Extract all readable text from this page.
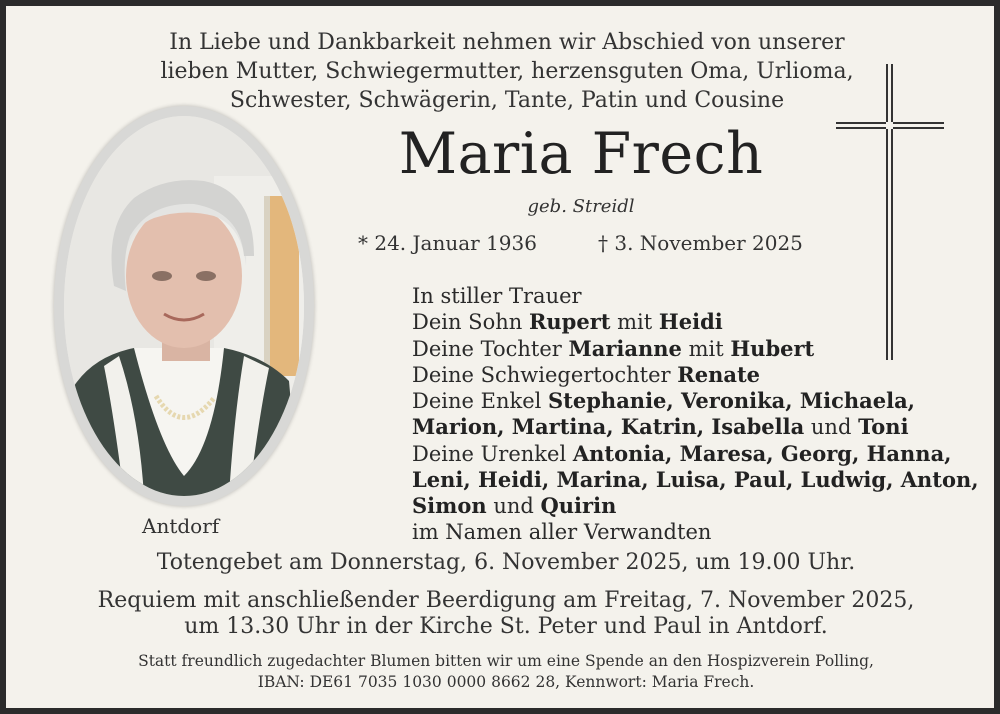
In Liebe und Dankbarkeit nehmen wir Abschied von unserer
lieben Mutter, Schwiegermutter, herzensguten Oma, Urlioma,
Schwester, Schwägerin, Tante, Patin und Cousine
Maria Frech
geb. Streidl
* 24. Januar 1936	† 3. November 2025
Antdorf
In stiller Trauer
Dein Sohn Rupert mit Heidi
Deine Tochter Marianne mit Hubert
Deine Schwiegertochter Renate
Deine Enkel Stephanie, Veronika, Michaela,
Marion, Martina, Katrin, Isabella und Toni
Deine Urenkel Antonia, Maresa, Georg, Hanna,
Leni, Heidi, Marina, Luisa, Paul, Ludwig, Anton,
Simon und Quirin
im Namen aller Verwandten
Totengebet am Donnerstag, 6. November 2025, um 19.00 Uhr.
Requiem mit anschließender Beerdigung am Freitag, 7. November 2025,
um 13.30 Uhr in der Kirche St. Peter und Paul in Antdorf.
Statt freundlich zugedachter Blumen bitten wir um eine Spende an den Hospizverein Polling,
IBAN: DE61 7035 1030 0000 8662 28, Kennwort: Maria Frech.
